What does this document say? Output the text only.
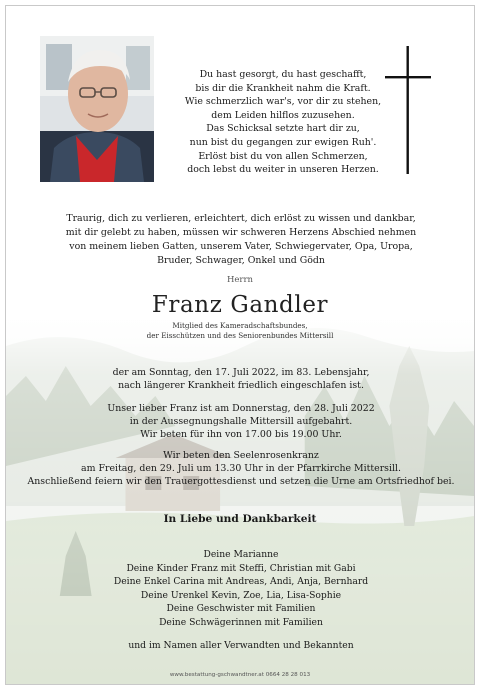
Du hast gesorgt, du hast geschafft,
bis dir die Krankheit nahm die Kraft.
Wie schmerzlich war's, vor dir zu stehen,
dem Leiden hilflos zuzusehen.
Das Schicksal setzte hart dir zu,
nun bist du gegangen zur ewigen Ruh'.
Erlöst bist du von allen Schmerzen,
doch lebst du weiter in unseren Herzen.
Traurig, dich zu verlieren, erleichtert, dich erlöst zu wissen und dankbar,
mit dir gelebt zu haben, müssen wir schweren Herzens Abschied nehmen
von meinem lieben Gatten, unserem Vater, Schwiegervater, Opa, Uropa,
Bruder, Schwager, Onkel und Gödn
Herrn
Franz Gandler
Mitglied des Kameradschaftsbundes,
der Eisschützen und des Seniorenbundes Mittersill
der am Sonntag, den 17. Juli 2022, im 83. Lebensjahr,
nach längerer Krankheit friedlich eingeschlafen ist.
Unser lieber Franz ist am Donnerstag, den 28. Juli 2022
in der Aussegnungshalle Mittersill aufgebahrt.
Wir beten für ihn von 17.00 bis 19.00 Uhr.
Wir beten den Seelenrosenkranz
am Freitag, den 29. Juli um 13.30 Uhr in der Pfarrkirche Mittersill.
Anschließend feiern wir den Trauergottesdienst und setzen die Urne am Ortsfriedhof bei.
In Liebe und Dankbarkeit
Deine Marianne
Deine Kinder Franz mit Steffi, Christian mit Gabi
Deine Enkel Carina mit Andreas, Andi, Anja, Bernhard
Deine Urenkel Kevin, Zoe, Lia, Lisa-Sophie
Deine Geschwister mit Familien
Deine Schwägerinnen mit Familien
und im Namen aller Verwandten und Bekannten
www.bestattung-gschwandtner.at 0664 28 28 013
